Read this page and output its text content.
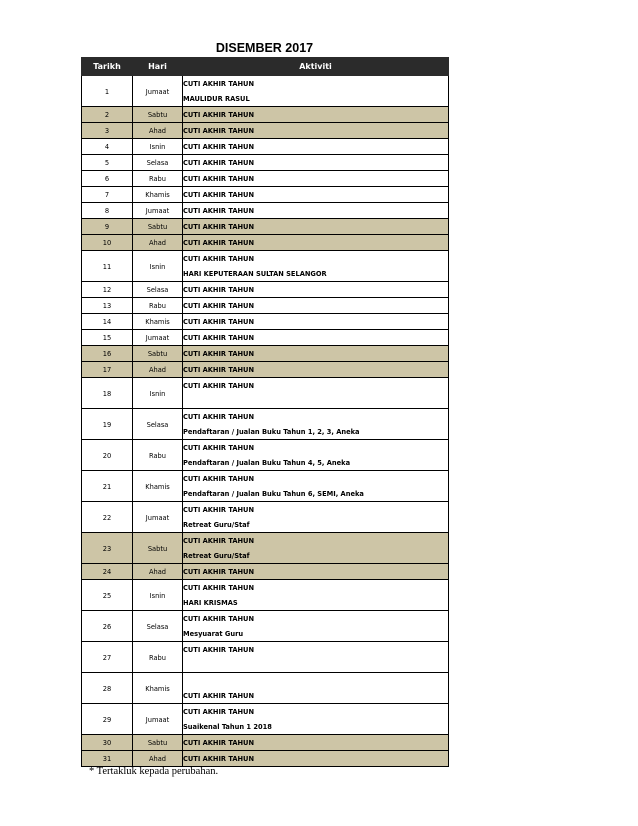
DISEMBER 2017
Tarikh	Hari	Aktiviti
1	Jumaat	CUTI AKHIR TAHUN
MAULIDUR RASUL

2	Sabtu	CUTI AKHIR TAHUN

3	Ahad	CUTI AKHIR TAHUN

4	Isnin	CUTI AKHIR TAHUN

5	Selasa	CUTI AKHIR TAHUN

6	Rabu	CUTI AKHIR TAHUN

7	Khamis	CUTI AKHIR TAHUN

8	Jumaat	CUTI AKHIR TAHUN

9	Sabtu	CUTI AKHIR TAHUN

10	Ahad	CUTI AKHIR TAHUN

11	Isnin	CUTI AKHIR TAHUN
HARI KEPUTERAAN SULTAN SELANGOR

12	Selasa	CUTI AKHIR TAHUN

13	Rabu	CUTI AKHIR TAHUN

14	Khamis	CUTI AKHIR TAHUN

15	Jumaat	CUTI AKHIR TAHUN

16	Sabtu	CUTI AKHIR TAHUN

17	Ahad	CUTI AKHIR TAHUN

18	Isnin	CUTI AKHIR TAHUN

19	Selasa	CUTI AKHIR TAHUN
Pendaftaran / Jualan Buku Tahun 1, 2, 3, Aneka

20	Rabu	CUTI AKHIR TAHUN
Pendaftaran / Jualan Buku Tahun 4, 5, Aneka

21	Khamis	CUTI AKHIR TAHUN
Pendaftaran / Jualan Buku Tahun 6, SEMI, Aneka

22	Jumaat	CUTI AKHIR TAHUN
Retreat Guru/Staf

23	Sabtu	CUTI AKHIR TAHUN
Retreat Guru/Staf

24	Ahad	CUTI AKHIR TAHUN

25	Isnin	CUTI AKHIR TAHUN
HARI KRISMAS

26	Selasa	CUTI AKHIR TAHUN
Mesyuarat Guru

27	Rabu	CUTI AKHIR TAHUN

28	Khamis	CUTI AKHIR TAHUN

29	Jumaat	CUTI AKHIR TAHUN
Suaikenal Tahun 1 2018

30	Sabtu	CUTI AKHIR TAHUN

31	Ahad	CUTI AKHIR TAHUN
* Tertakluk kepada perubahan.
